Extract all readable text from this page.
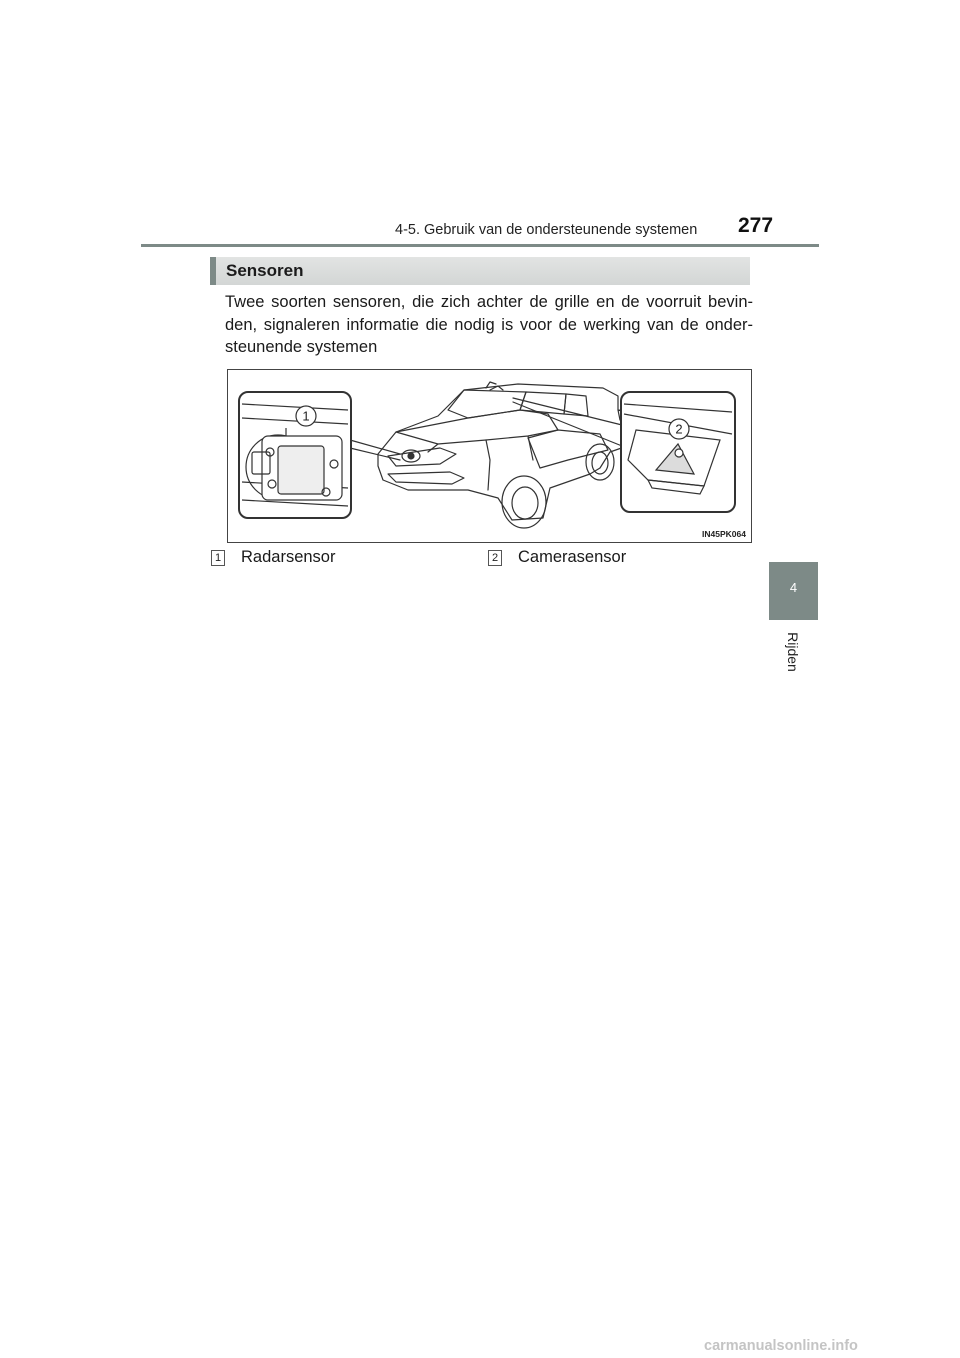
4-5. Gebruik van de ondersteunende systemen 277
4
Rijden
Sensoren
Twee soorten sensoren, die zich achter de grille en de voorruit bevin-den, signaleren informatie die nodig is voor de werking van de onder-steunende systemen
1
2
IN45PK064
1 Radarsensor	2 Camerasensor
carmanualsonline.info
